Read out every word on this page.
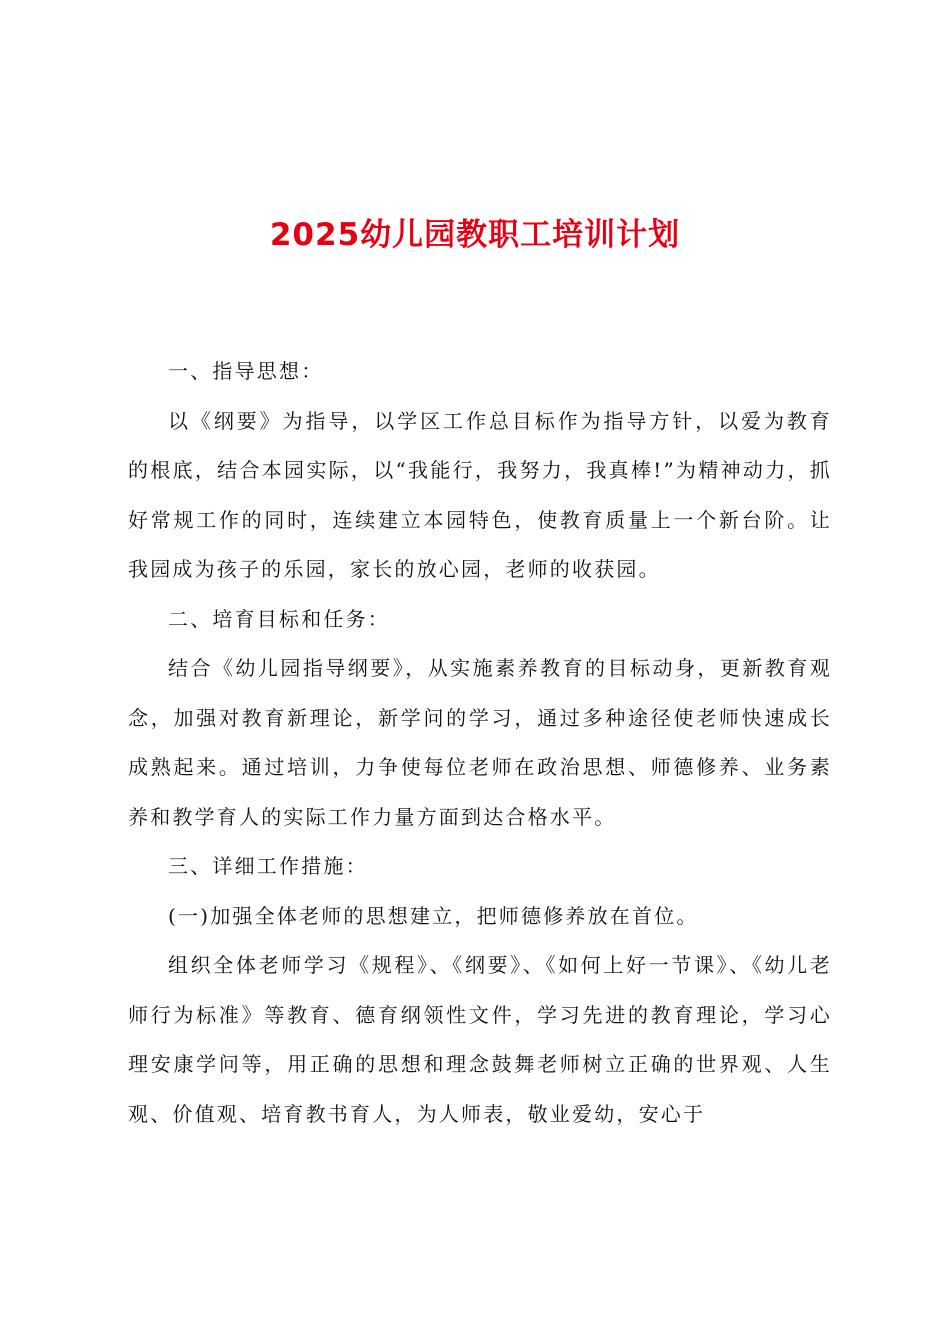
2025幼儿园教职工培训计划

一、指导思想：

以《纲要》为指导，以学区工作总目标作为指导方针，以爱为教育的根底，结合本园实际，以“我能行，我努力，我真棒!”为精神动力，抓好常规工作的同时，连续建立本园特色，使教育质量上一个新台阶。让我园成为孩子的乐园，家长的放心园，老师的收获园。

二、培育目标和任务：

结合《幼儿园指导纲要》，从实施素养教育的目标动身，更新教育观念，加强对教育新理论，新学问的学习，通过多种途径使老师快速成长成熟起来。通过培训，力争使每位老师在政治思想、师德修养、业务素养和教学育人的实际工作力量方面到达合格水平。

三、详细工作措施：

(一)加强全体老师的思想建立，把师德修养放在首位。

组织全体老师学习《规程》、《纲要》、《如何上好一节课》、《幼儿老师行为标准》等教育、德育纲领性文件，学习先进的教育理论，学习心理安康学问等，用正确的思想和理念鼓舞老师树立正确的世界观、人生观、价值观、培育教书育人，为人师表，敬业爱幼，安心于
